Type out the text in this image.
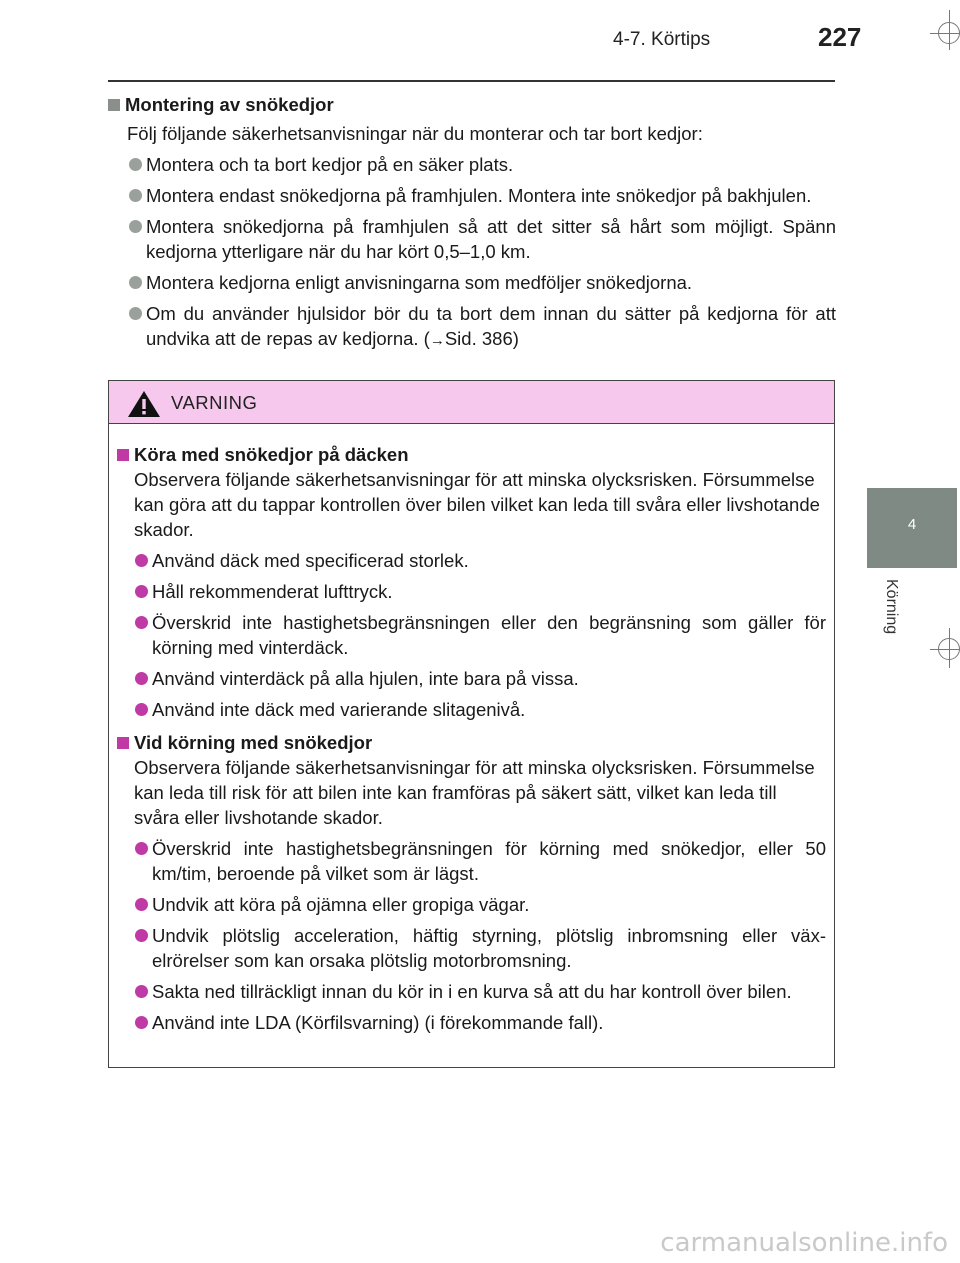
4-7. Körtips	227
4
Körning
Montering av snökedjor
Följ följande säkerhetsanvisningar när du monterar och tar bort kedjor:
Montera och ta bort kedjor på en säker plats.
Montera endast snökedjorna på framhjulen. Montera inte snökedjor på bakhjulen.
Montera snökedjorna på framhjulen så att det sitter så hårt som möjligt. Spänn kedjorna ytterligare när du har kört 0,5–1,0 km.
Montera kedjorna enligt anvisningarna som medföljer snökedjorna.
Om du använder hjulsidor bör du ta bort dem innan du sätter på kedjorna för att undvika att de repas av kedjorna. (→Sid. 386)
VARNING
Köra med snökedjor på däcken
Observera följande säkerhetsanvisningar för att minska olycksrisken. Försummelse kan göra att du tappar kontrollen över bilen vilket kan leda till svåra eller livshotande skador.
Använd däck med specificerad storlek.
Håll rekommenderat lufttryck.
Överskrid inte hastighetsbegränsningen eller den begränsning som gäller för körning med vinterdäck.
Använd vinterdäck på alla hjulen, inte bara på vissa.
Använd inte däck med varierande slitagenivå.
Vid körning med snökedjor
Observera följande säkerhetsanvisningar för att minska olycksrisken. Försummelse kan leda till risk för att bilen inte kan framföras på säkert sätt, vilket kan leda till svåra eller livshotande skador.
Överskrid inte hastighetsbegränsningen för körning med snökedjor, eller 50 km/tim, beroende på vilket som är lägst.
Undvik att köra på ojämna eller gropiga vägar.
Undvik plötslig acceleration, häftig styrning, plötslig inbromsning eller väx-elrörelser som kan orsaka plötslig motorbromsning.
Sakta ned tillräckligt innan du kör in i en kurva så att du har kontroll över bilen.
Använd inte LDA (Körfilsvarning) (i förekommande fall).
carmanualsonline.info
